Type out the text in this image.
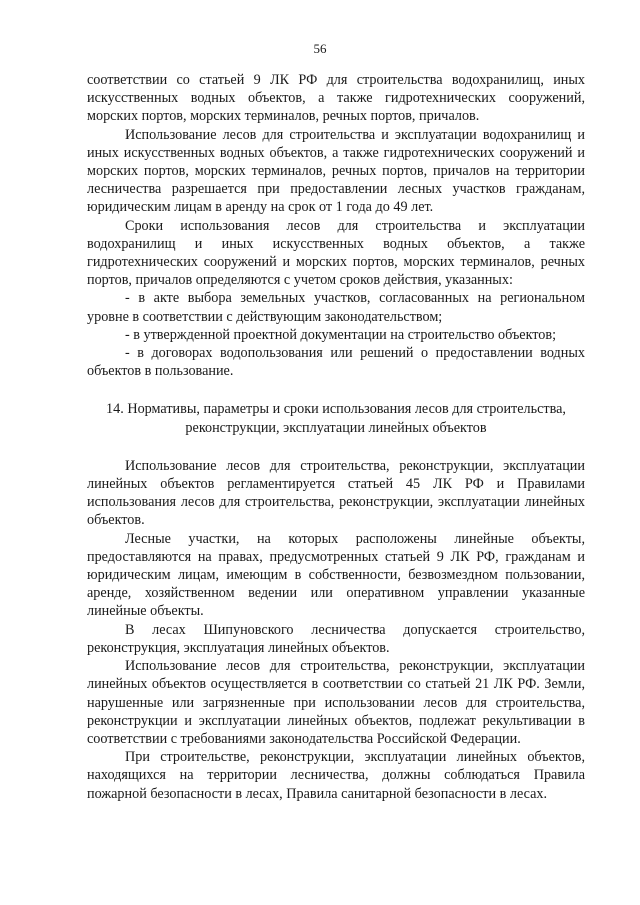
56

соответствии со статьей 9 ЛК РФ для строительства водохранилищ, иных искусственных водных объектов, а также гидротехнических сооружений, морских портов, морских терминалов, речных портов, причалов.

Использование лесов для строительства и эксплуатации водохранилищ и иных искусственных водных объектов, а также гидротехнических сооружений и морских портов, морских терминалов, речных портов, причалов на территории лесничества разрешается при предоставлении лесных участков гражданам, юридическим лицам в аренду на срок от 1 года до 49 лет.

Сроки использования лесов для строительства и эксплуатации водохранилищ и иных искусственных водных объектов, а также гидротехнических сооружений и морских портов, морских терминалов, речных портов, причалов определяются с учетом сроков действия, указанных:

- в акте выбора земельных участков, согласованных на региональном уровне в соответствии с действующим законодательством;

- в утвержденной проектной документации на строительство объектов;

- в договорах водопользования или решений о предоставлении водных объектов в пользование.

14. Нормативы, параметры и сроки использования лесов для строительства, реконструкции, эксплуатации линейных объектов

Использование лесов для строительства, реконструкции, эксплуатации линейных объектов регламентируется статьей 45 ЛК РФ и Правилами использования лесов для строительства, реконструкции, эксплуатации линейных объектов.

Лесные участки, на которых расположены линейные объекты, предоставляются на правах, предусмотренных статьей 9 ЛК РФ, гражданам и юридическим лицам, имеющим в собственности, безвозмездном пользовании, аренде, хозяйственном ведении или оперативном управлении указанные линейные объекты.

В лесах Шипуновского лесничества допускается строительство, реконструкция, эксплуатация линейных объектов.

Использование лесов для строительства, реконструкции, эксплуатации линейных объектов осуществляется в соответствии со статьей 21 ЛК РФ. Земли, нарушенные или загрязненные при использовании лесов для строительства, реконструкции и эксплуатации линейных объектов, подлежат рекультивации в соответствии с требованиями законодательства Российской Федерации.

При строительстве, реконструкции, эксплуатации линейных объектов, находящихся на территории лесничества, должны соблюдаться Правила пожарной безопасности в лесах, Правила санитарной безопасности в лесах.
